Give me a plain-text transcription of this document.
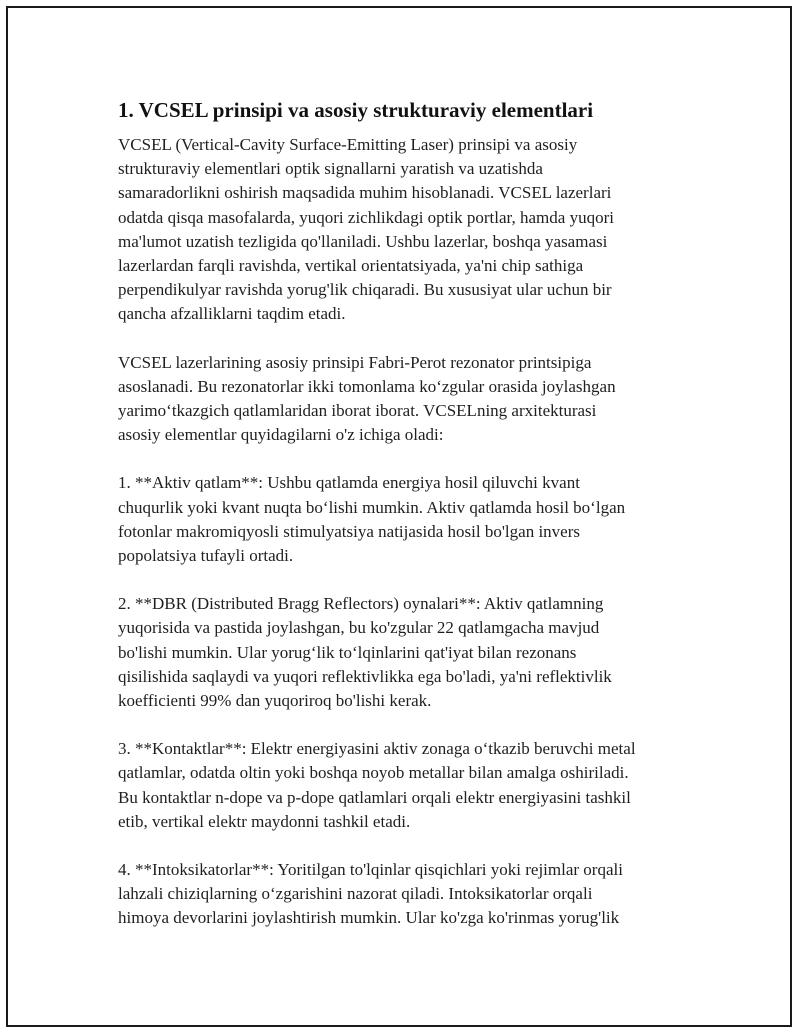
1. VCSEL prinsipi va asosiy strukturaviy elementlari

VCSEL (Vertical-Cavity Surface-Emitting Laser) prinsipi va asosiy
strukturaviy elementlari optik signallarni yaratish va uzatishda
samaradorlikni oshirish maqsadida muhim hisoblanadi. VCSEL lazerlari
odatda qisqa masofalarda, yuqori zichlikdagi optik portlar, hamda yuqori
ma'lumot uzatish tezligida qo'llaniladi. Ushbu lazerlar, boshqa yasamasi
lazerlardan farqli ravishda, vertikal orientatsiyada, ya'ni chip sathiga
perpendikulyar ravishda yorug'lik chiqaradi. Bu xususiyat ular uchun bir
qancha afzalliklarni taqdim etadi.

VCSEL lazerlarining asosiy prinsipi Fabri-Perot rezonator printsipiga
asoslanadi. Bu rezonatorlar ikki tomonlama koʻzgular orasida joylashgan
yarimoʻtkazgich qatlamlaridan iborat iborat. VCSELning arxitekturasi
asosiy elementlar quyidagilarni o'z ichiga oladi:

1. **Aktiv qatlam**: Ushbu qatlamda energiya hosil qiluvchi kvant
chuqurlik yoki kvant nuqta boʻlishi mumkin. Aktiv qatlamda hosil boʻlgan
fotonlar makromiqyosli stimulyatsiya natijasida hosil bo'lgan invers
popolatsiya tufayli ortadi.

2. **DBR (Distributed Bragg Reflectors) oynalari**: Aktiv qatlamning
yuqorisida va pastida joylashgan, bu ko'zgular 22 qatlamgacha mavjud
bo'lishi mumkin. Ular yorugʻlik toʻlqinlarini qat'iyat bilan rezonans
qisilishida saqlaydi va yuqori reflektivlikka ega bo'ladi, ya'ni reflektivlik
koefficienti 99% dan yuqoriroq bo'lishi kerak.

3. **Kontaktlar**: Elektr energiyasini aktiv zonaga oʻtkazib beruvchi metal
qatlamlar, odatda oltin yoki boshqa noyob metallar bilan amalga oshiriladi.
Bu kontaktlar n-dope va p-dope qatlamlari orqali elektr energiyasini tashkil
etib, vertikal elektr maydonni tashkil etadi.

4. **Intoksikatorlar**: Yoritilgan to'lqinlar qisqichlari yoki rejimlar orqali
lahzali chiziqlarning oʻzgarishini nazorat qiladi. Intoksikatorlar orqali
himoya devorlarini joylashtirish mumkin. Ular ko'zga ko'rinmas yorug'lik
